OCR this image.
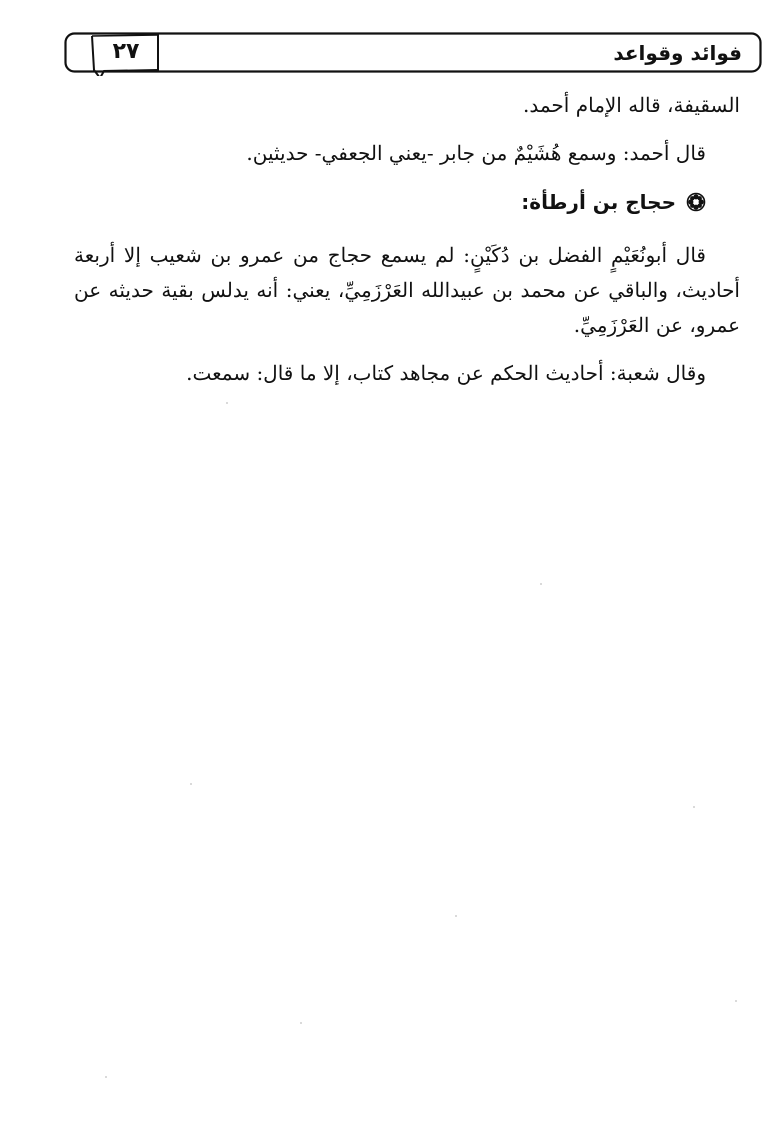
فوائد وقواعد
٢٧

السقيفة، قاله الإمام أحمد.

قال أحمد: وسمع هُشَيْمٌ من جابر -يعني الجعفي- حديثين.

حجاج بن أرطأة:

قال أبونُعَيْمٍ الفضل بن دُكَيْنٍ: لم يسمع حجاج من عمرو بن شعيب إلا أربعة أحاديث، والباقي عن محمد بن عبيدالله العَرْزَمِيِّ، يعني: أنه يدلس بقية حديثه عن عمرو، عن العَرْزَمِيِّ.

وقال شعبة: أحاديث الحكم عن مجاهد كتاب، إلا ما قال: سمعت.
